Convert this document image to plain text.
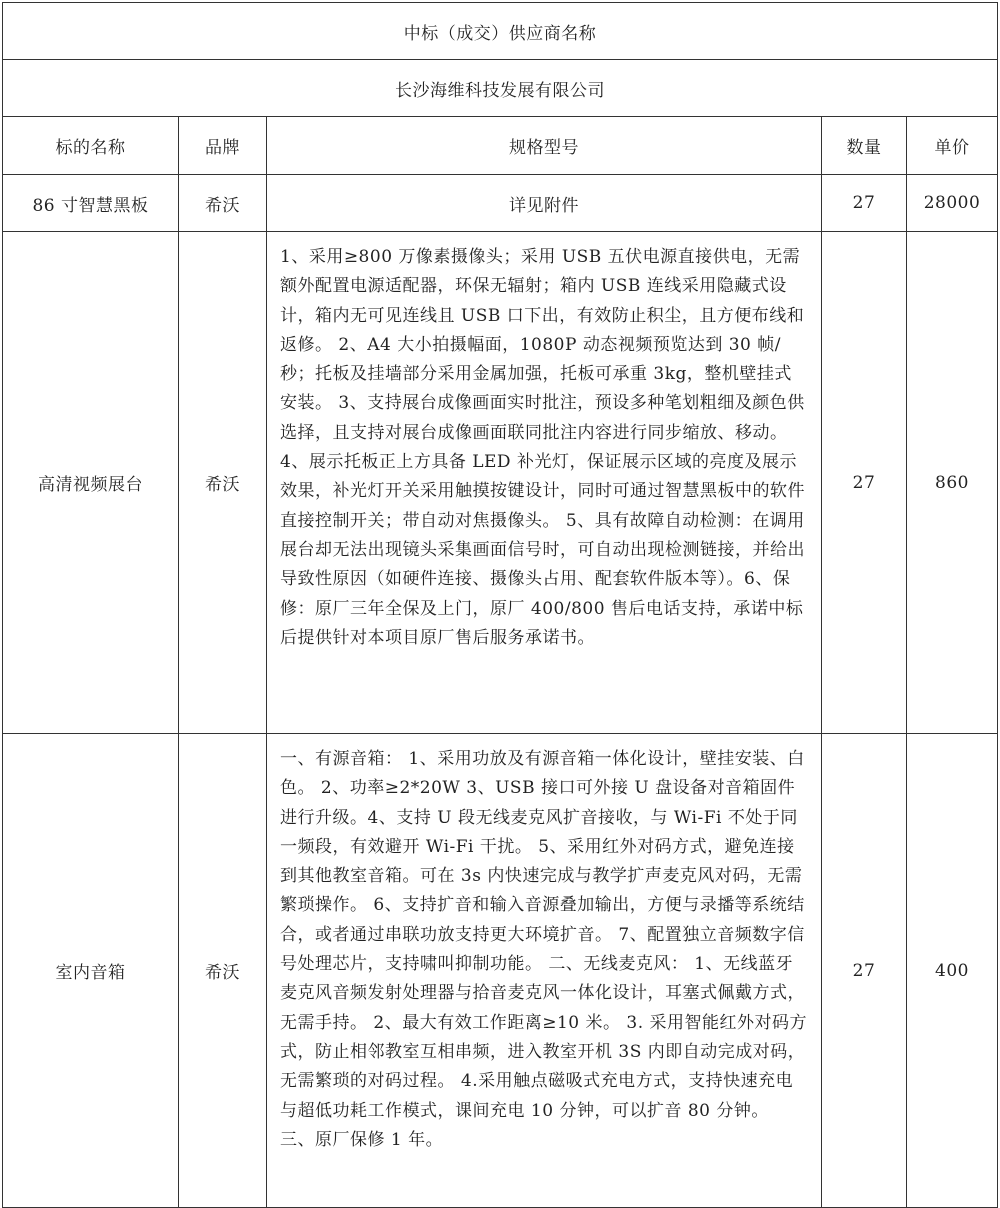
中标（成交）供应商名称				
长沙海维科技发展有限公司				
标的名称	品牌	规格型号	数量	单价
86 寸智慧黑板	希沃	详见附件	27	28000
高清视频展台	希沃	1、采用≥800 万像素摄像头；采用 USB 五伏电源直接供电，无需额外配置电源适配器，环保无辐射；箱内 USB 连线采用隐藏式设计，箱内无可见连线且 USB 口下出，有效防止积尘，且方便布线和返修。 2、A4 大小拍摄幅面，1080P 动态视频预览达到 30 帧/秒；托板及挂墙部分采用金属加强，托板可承重 3kg，整机壁挂式安装。 3、支持展台成像画面实时批注，预设多种笔划粗细及颜色供选择，且支持对展台成像画面联同批注内容进行同步缩放、移动。 4、展示托板正上方具备 LED 补光灯，保证展示区域的亮度及展示效果，补光灯开关采用触摸按键设计，同时可通过智慧黑板中的软件直接控制开关；带自动对焦摄像头。 5、具有故障自动检测：在调用展台却无法出现镜头采集画面信号时，可自动出现检测链接，并给出导致性原因（如硬件连接、摄像头占用、配套软件版本等）。6、保修：原厂三年全保及上门，原厂 400/800 售后电话支持，承诺中标后提供针对本项目原厂售后服务承诺书。	27	860
室内音箱	希沃	一、有源音箱： 1、采用功放及有源音箱一体化设计，壁挂安装、白色。 2、功率≥2*20W 3、USB 接口可外接 U 盘设备对音箱固件进行升级。4、支持 U 段无线麦克风扩音接收，与 Wi-Fi 不处于同一频段，有效避开 Wi-Fi 干扰。 5、采用红外对码方式，避免连接到其他教室音箱。可在 3s 内快速完成与教学扩声麦克风对码，无需繁琐操作。 6、支持扩音和输入音源叠加输出，方便与录播等系统结合，或者通过串联功放支持更大环境扩音。 7、配置独立音频数字信号处理芯片，支持啸叫抑制功能。 二、无线麦克风： 1、无线蓝牙麦克风音频发射处理器与拾音麦克风一体化设计，耳塞式佩戴方式，无需手持。 2、最大有效工作距离≥10 米。 3. 采用智能红外对码方式，防止相邻教室互相串频，进入教室开机 3S 内即自动完成对码，无需繁琐的对码过程。 4.采用触点磁吸式充电方式，支持快速充电与超低功耗工作模式，课间充电 10 分钟，可以扩音 80 分钟。 三、原厂保修 1 年。	27	400
